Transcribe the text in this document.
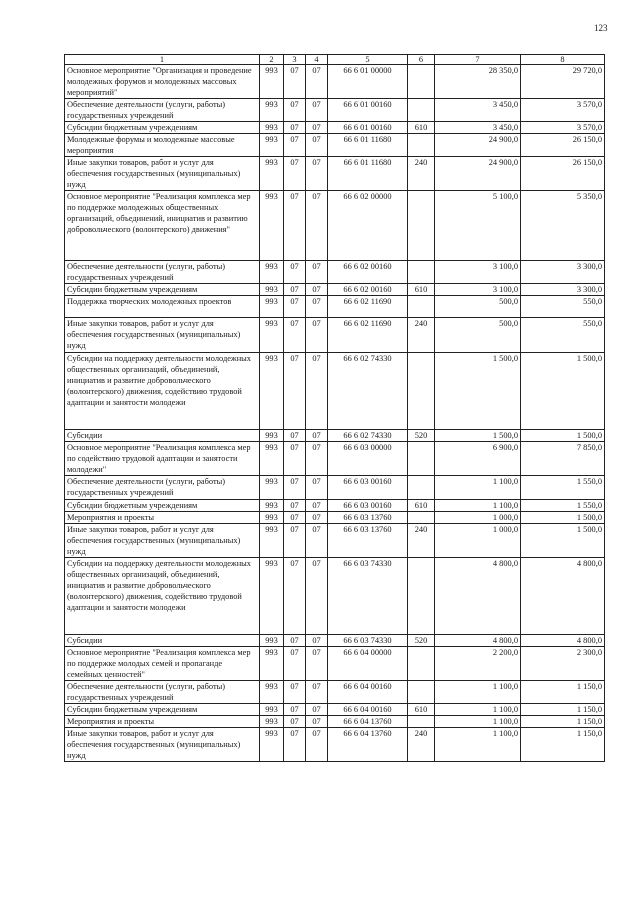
123
1	2	3	4	5	6	7	8
Основное мероприятие "Организация и проведение молодежных форумов и молодежных массовых мероприятий"	993	07	07	66 6 01 00000		28 350,0	29 720,0
Обеспечение деятельности (услуги, работы) государственных учреждений	993	07	07	66 6 01 00160		3 450,0	3 570,0
Субсидии бюджетным учреждениям	993	07	07	66 6 01 00160	610	3 450,0	3 570,0
Молодежные форумы и молодежные массовые мероприятия	993	07	07	66 6 01 11680		24 900,0	26 150,0
Иные закупки товаров, работ и услуг для обеспечения государственных (муниципальных) нужд	993	07	07	66 6 01 11680	240	24 900,0	26 150,0
Основное мероприятие "Реализация комплекса мер по поддержке молодежных общественных организаций, объединений, инициатив и развитию добровольческого (волонтерского) движения"	993	07	07	66 6 02 00000		5 100,0	5 350,0
Обеспечение деятельности (услуги, работы) государственных учреждений	993	07	07	66 6 02 00160		3 100,0	3 300,0
Субсидии бюджетным учреждениям	993	07	07	66 6 02 00160	610	3 100,0	3 300,0
Поддержка творческих молодежных проектов	993	07	07	66 6 02 11690		500,0	550,0
Иные закупки товаров, работ и услуг для обеспечения государственных (муниципальных) нужд	993	07	07	66 6 02 11690	240	500,0	550,0
Субсидии на поддержку деятельности молодежных общественных организаций, объединений, инициатив и развитие добровольческого (волонтерского) движения, содействию трудовой адаптации и занятости молодежи	993	07	07	66 6 02 74330		1 500,0	1 500,0
Субсидии	993	07	07	66 6 02 74330	520	1 500,0	1 500,0
Основное мероприятие "Реализация комплекса мер по содействию трудовой адаптации и занятости молодежи"	993	07	07	66 6 03 00000		6 900,0	7 850,0
Обеспечение деятельности (услуги, работы) государственных учреждений	993	07	07	66 6 03 00160		1 100,0	1 550,0
Субсидии бюджетным учреждениям	993	07	07	66 6 03 00160	610	1 100,0	1 550,0
Мероприятия и проекты	993	07	07	66 6 03 13760		1 000,0	1 500,0
Иные закупки товаров, работ и услуг для обеспечения государственных (муниципальных) нужд	993	07	07	66 6 03 13760	240	1 000,0	1 500,0
Субсидии на поддержку деятельности молодежных общественных организаций, объединений, инициатив и развитие добровольческого (волонтерского) движения, содействию трудовой адаптации и занятости молодежи	993	07	07	66 6 03 74330		4 800,0	4 800,0
Субсидии	993	07	07	66 6 03 74330	520	4 800,0	4 800,0
Основное мероприятие "Реализация комплекса мер по поддержке молодых семей и пропаганде семейных ценностей"	993	07	07	66 6 04 00000		2 200,0	2 300,0
Обеспечение деятельности (услуги, работы) государственных учреждений	993	07	07	66 6 04 00160		1 100,0	1 150,0
Субсидии бюджетным учреждениям	993	07	07	66 6 04 00160	610	1 100,0	1 150,0
Мероприятия и проекты	993	07	07	66 6 04 13760		1 100,0	1 150,0
Иные закупки товаров, работ и услуг для обеспечения государственных (муниципальных) нужд	993	07	07	66 6 04 13760	240	1 100,0	1 150,0
